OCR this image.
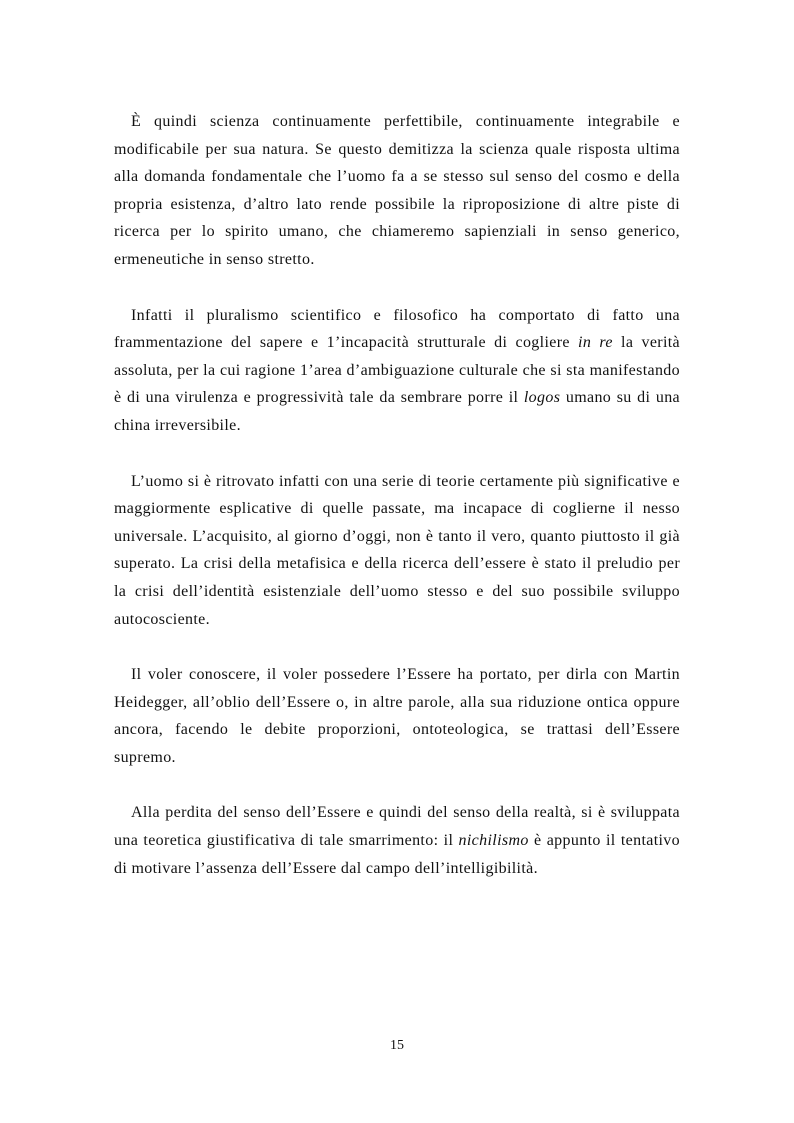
È quindi scienza continuamente perfettibile, continuamente integrabile e modificabile per sua natura. Se questo demitizza la scienza quale risposta ultima alla domanda fondamentale che l’uomo fa a se stesso sul senso del cosmo e della propria esistenza, d’altro lato rende possibile la riproposizione di altre piste di ricerca per lo spirito umano, che chiameremo sapienziali in senso generico, ermeneutiche in senso stretto.

Infatti il pluralismo scientifico e filosofico ha comportato di fatto una frammentazione del sapere e 1’incapacità strutturale di cogliere in re la verità assoluta, per la cui ragione 1’area d’ambiguazione culturale che si sta manifestando è di una virulenza e progressività tale da sembrare porre il logos umano su di una china irreversibile.

L’uomo si è ritrovato infatti con una serie di teorie certamente più significative e maggiormente esplicative di quelle passate, ma incapace di coglierne il nesso universale. L’acquisito, al giorno d’oggi, non è tanto il vero, quanto piuttosto il già superato. La crisi della metafisica e della ricerca dell’essere è stato il preludio per la crisi dell’identità esistenziale dell’uomo stesso e del suo possibile sviluppo autocosciente.

Il voler conoscere, il voler possedere l’Essere ha portato, per dirla con Martin Heidegger, all’oblio dell’Essere o, in altre parole, alla sua riduzione ontica oppure ancora, facendo le debite proporzioni, ontoteologica, se trattasi dell’Essere supremo.

Alla perdita del senso dell’Essere e quindi del senso della realtà, si è sviluppata una teoretica giustificativa di tale smarrimento: il nichilismo è appunto il tentativo di motivare l’assenza dell’Essere dal campo dell’intelligibilità.

15
